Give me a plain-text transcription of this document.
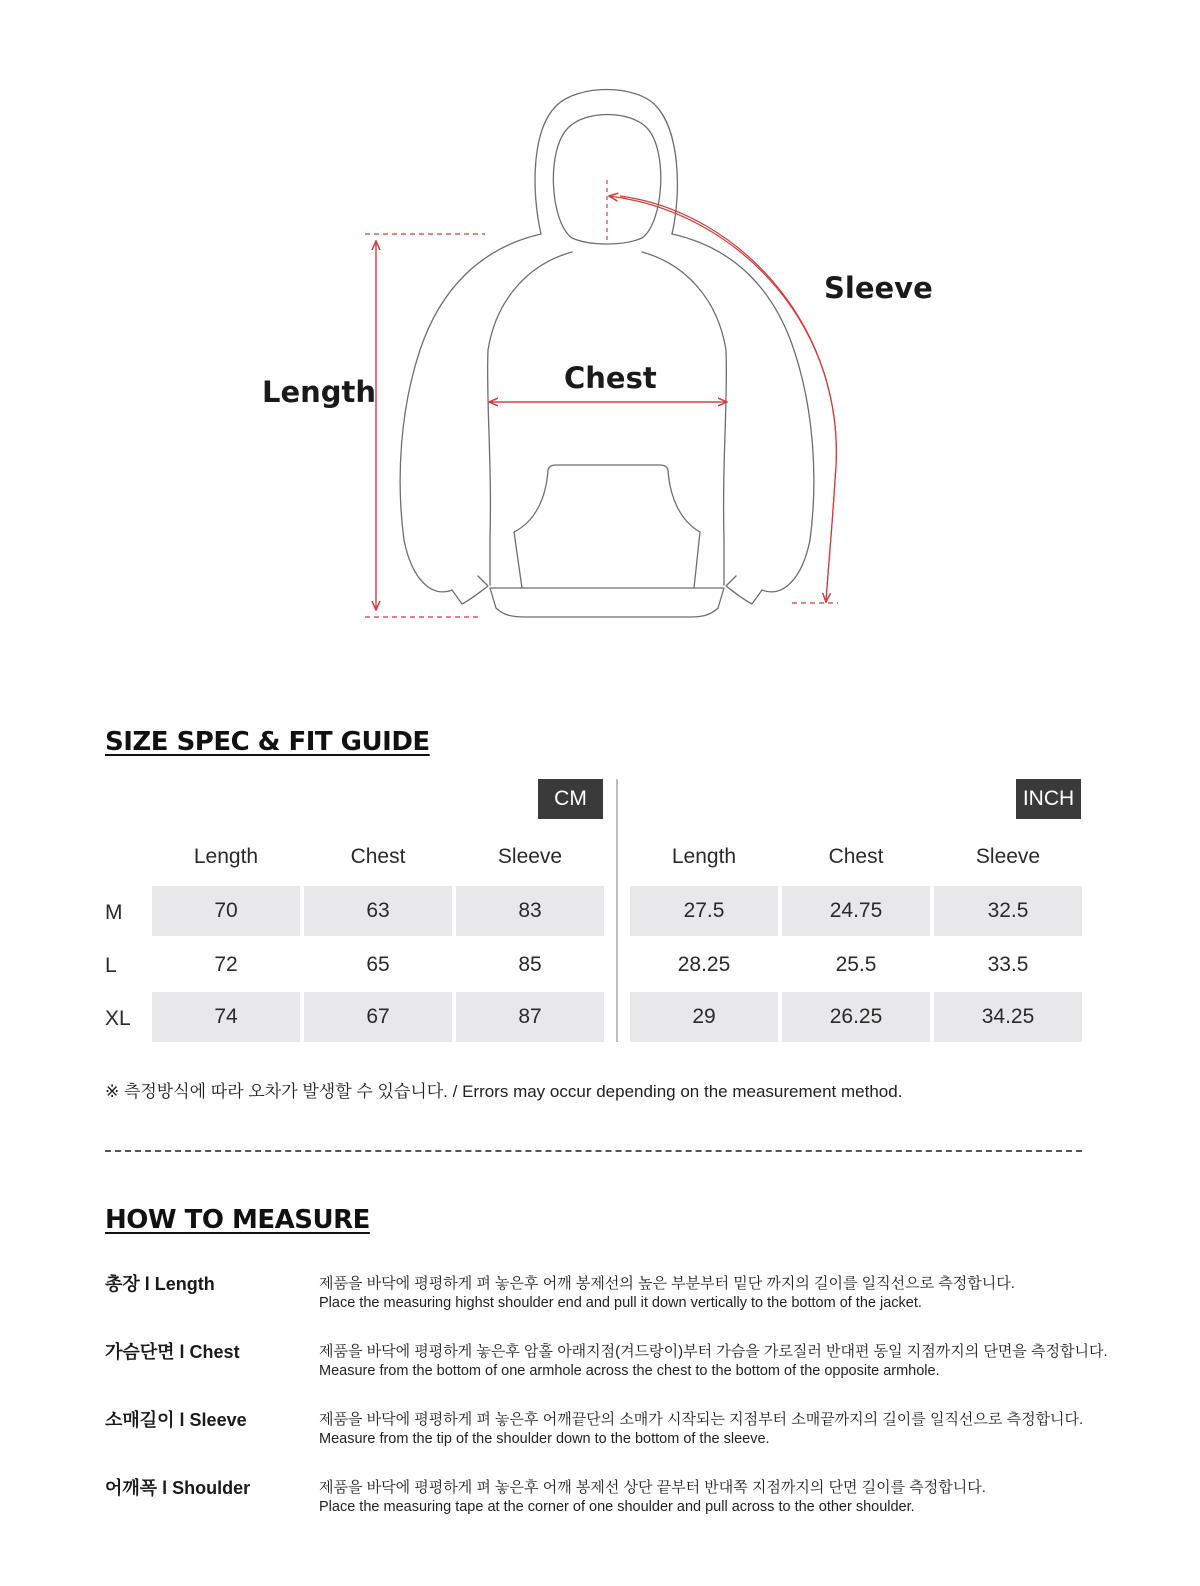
Sleeve
Chest
Length
SIZE SPEC & FIT GUIDE
CM	INCH
Length	Chest	Sleeve	Length	Chest	Sleeve
M	70	63	83	27.5	24.75	32.5
L	72	65	85	28.25	25.5	33.5
XL	74	67	87	29	26.25	34.25
※ 측정방식에 따라 오차가 발생할 수 있습니다. / Errors may occur depending on the measurement method.
HOW TO MEASURE
총장 l Length	제품을 바닥에 평평하게 펴 놓은후 어깨 봉제선의 높은 부분부터 밑단 까지의 길이를 일직선으로 측정합니다.
Place the measuring highst shoulder end and pull it down vertically to the bottom of the jacket.
가슴단면 l Chest	제품을 바닥에 평평하게 놓은후 암홀 아래지점(겨드랑이)부터 가슴을 가로질러 반대편 동일 지점까지의 단면을 측정합니다.
Measure from the bottom of one armhole across the chest to the bottom of the opposite armhole.
소매길이 l Sleeve	제품을 바닥에 평평하게 펴 놓은후 어깨끝단의 소매가 시작되는 지점부터 소매끝까지의 길이를 일직선으로 측정합니다.
Measure from the tip of the shoulder down to the bottom of the sleeve.
어깨폭 l Shoulder	제품을 바닥에 평평하게 펴 놓은후 어깨 봉제선 상단 끝부터 반대쪽 지점까지의 단면 길이를 측정합니다.
Place the measuring tape at the corner of one shoulder and pull across to the other shoulder.
